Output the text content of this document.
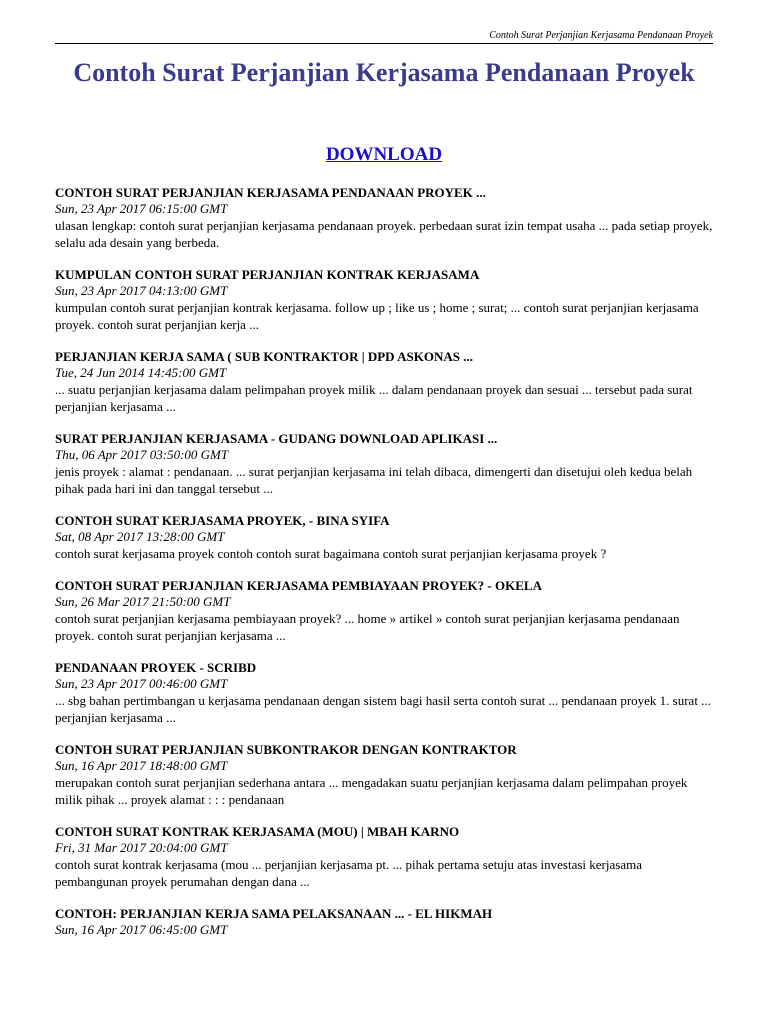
Contoh Surat Perjanjian Kerjasama Pendanaan Proyek
Contoh Surat Perjanjian Kerjasama Pendanaan Proyek
DOWNLOAD
CONTOH SURAT PERJANJIAN KERJASAMA PENDANAAN PROYEK ...
Sun, 23 Apr 2017 06:15:00 GMT
ulasan lengkap: contoh surat perjanjian kerjasama pendanaan proyek. perbedaan surat izin tempat usaha ... pada setiap proyek, selalu ada desain yang berbeda.
KUMPULAN CONTOH SURAT PERJANJIAN KONTRAK KERJASAMA
Sun, 23 Apr 2017 04:13:00 GMT
kumpulan contoh surat perjanjian kontrak kerjasama. follow up ; like us ; home ; surat; ... contoh surat perjanjian kerjasama proyek. contoh surat perjanjian kerja ...
PERJANJIAN KERJA SAMA ( SUB KONTRAKTOR | DPD ASKONAS ...
Tue, 24 Jun 2014 14:45:00 GMT
... suatu perjanjian kerjasama dalam pelimpahan proyek milik ... dalam pendanaan proyek dan sesuai ... tersebut pada surat perjanjian kerjasama ...
SURAT PERJANJIAN KERJASAMA - GUDANG DOWNLOAD APLIKASI ...
Thu, 06 Apr 2017 03:50:00 GMT
jenis proyek : alamat : pendanaan. ... surat perjanjian kerjasama ini telah dibaca, dimengerti dan disetujui oleh kedua belah pihak pada hari ini dan tanggal tersebut ...
CONTOH SURAT KERJASAMA PROYEK, - BINA SYIFA
Sat, 08 Apr 2017 13:28:00 GMT
contoh surat kerjasama proyek contoh contoh surat bagaimana contoh surat perjanjian kerjasama proyek ?
CONTOH SURAT PERJANJIAN KERJASAMA PEMBIAYAAN PROYEK? - OKELA
Sun, 26 Mar 2017 21:50:00 GMT
contoh surat perjanjian kerjasama pembiayaan proyek? ... home » artikel » contoh surat perjanjian kerjasama pendanaan proyek. contoh surat perjanjian kerjasama ...
PENDANAAN PROYEK - SCRIBD
Sun, 23 Apr 2017 00:46:00 GMT
... sbg bahan pertimbangan u kerjasama pendanaan dengan sistem bagi hasil serta contoh surat ... pendanaan proyek 1. surat ... perjanjian kerjasama ...
CONTOH SURAT PERJANJIAN SUBKONTRAKOR DENGAN KONTRAKTOR
Sun, 16 Apr 2017 18:48:00 GMT
merupakan contoh surat perjanjian sederhana antara ... mengadakan suatu perjanjian kerjasama dalam pelimpahan proyek milik pihak ... proyek alamat : : : pendanaan
CONTOH SURAT KONTRAK KERJASAMA (MOU) | MBAH KARNO
Fri, 31 Mar 2017 20:04:00 GMT
contoh surat kontrak kerjasama (mou ... perjanjian kerjasama pt. ... pihak pertama setuju atas investasi kerjasama pembangunan proyek perumahan dengan dana ...
CONTOH: PERJANJIAN KERJA SAMA PELAKSANAAN ... - EL HIKMAH
Sun, 16 Apr 2017 06:45:00 GMT
